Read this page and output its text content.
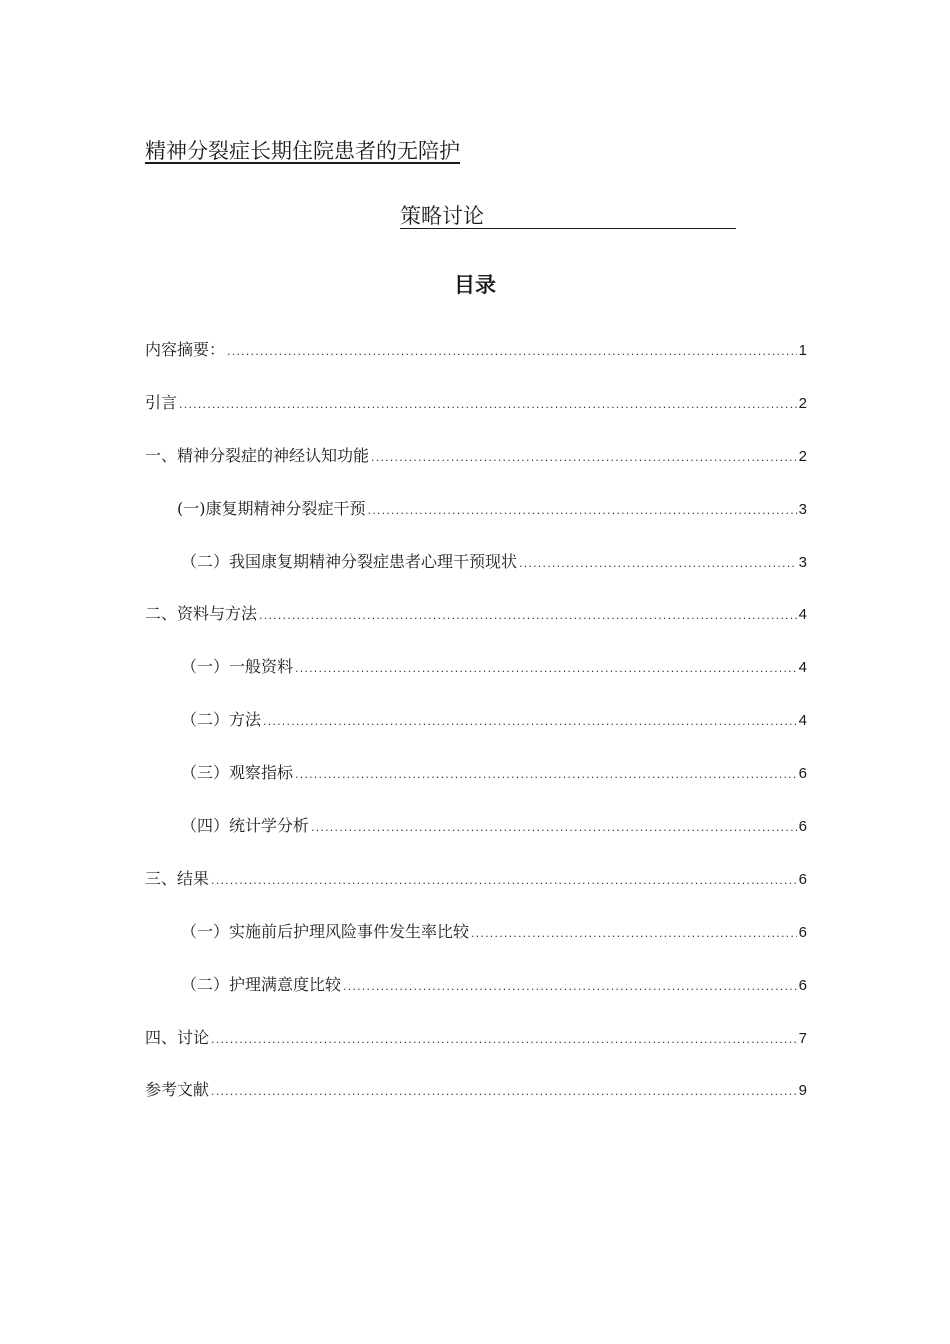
精神分裂症长期住院患者的无陪护
策略讨论
目录
内容摘要： .....	1
引言 .....	2
一、精神分裂症的神经认知功能 .....	2
(一)康复期精神分裂症干预 .....	3
（二）我国康复期精神分裂症患者心理干预现状 .....	3
二、资料与方法 .....	4
（一）一般资料 .....	4
（二）方法 .....	4
（三）观察指标 .....	6
（四）统计学分析 .....	6
三、结果 .....	6
（一）实施前后护理风险事件发生率比较 .....	6
（二）护理满意度比较 .....	6
四、讨论 .....	7
参考文献 .....	9
